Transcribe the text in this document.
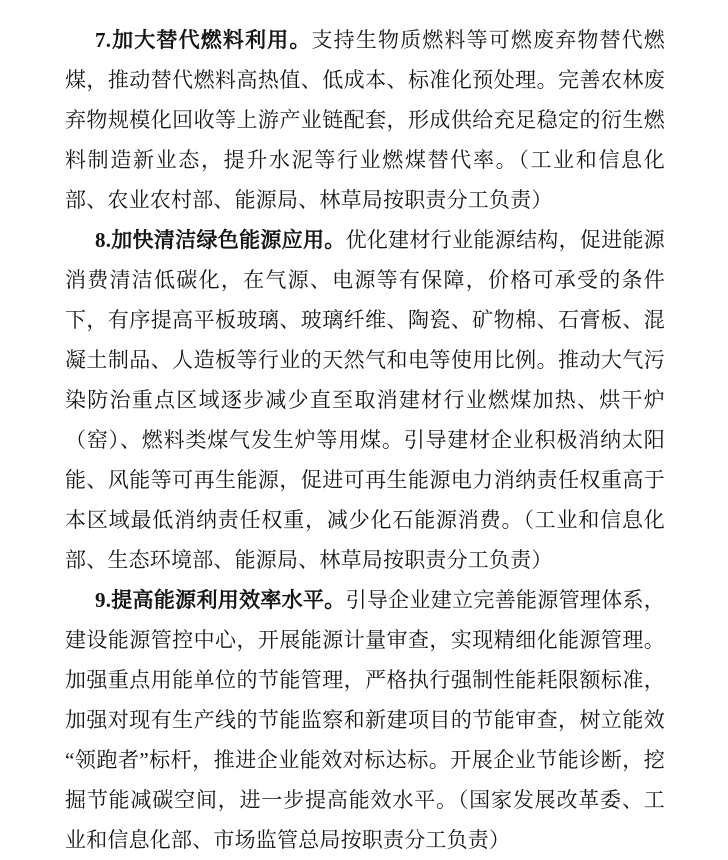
7.加大替代燃料利用。支持生物质燃料等可燃废弃物替代燃煤，推动替代燃料高热值、低成本、标准化预处理。完善农林废弃物规模化回收等上游产业链配套，形成供给充足稳定的衍生燃料制造新业态，提升水泥等行业燃煤替代率。（工业和信息化部、农业农村部、能源局、林草局按职责分工负责）

8.加快清洁绿色能源应用。优化建材行业能源结构，促进能源消费清洁低碳化，在气源、电源等有保障，价格可承受的条件下，有序提高平板玻璃、玻璃纤维、陶瓷、矿物棉、石膏板、混凝土制品、人造板等行业的天然气和电等使用比例。推动大气污染防治重点区域逐步减少直至取消建材行业燃煤加热、烘干炉（窑）、燃料类煤气发生炉等用煤。引导建材企业积极消纳太阳能、风能等可再生能源，促进可再生能源电力消纳责任权重高于本区域最低消纳责任权重，减少化石能源消费。（工业和信息化部、生态环境部、能源局、林草局按职责分工负责）

9.提高能源利用效率水平。引导企业建立完善能源管理体系，建设能源管控中心，开展能源计量审查，实现精细化能源管理。加强重点用能单位的节能管理，严格执行强制性能耗限额标准，加强对现有生产线的节能监察和新建项目的节能审查，树立能效“领跑者”标杆，推进企业能效对标达标。开展企业节能诊断，挖掘节能减碳空间，进一步提高能效水平。（国家发展改革委、工业和信息化部、市场监管总局按职责分工负责）
